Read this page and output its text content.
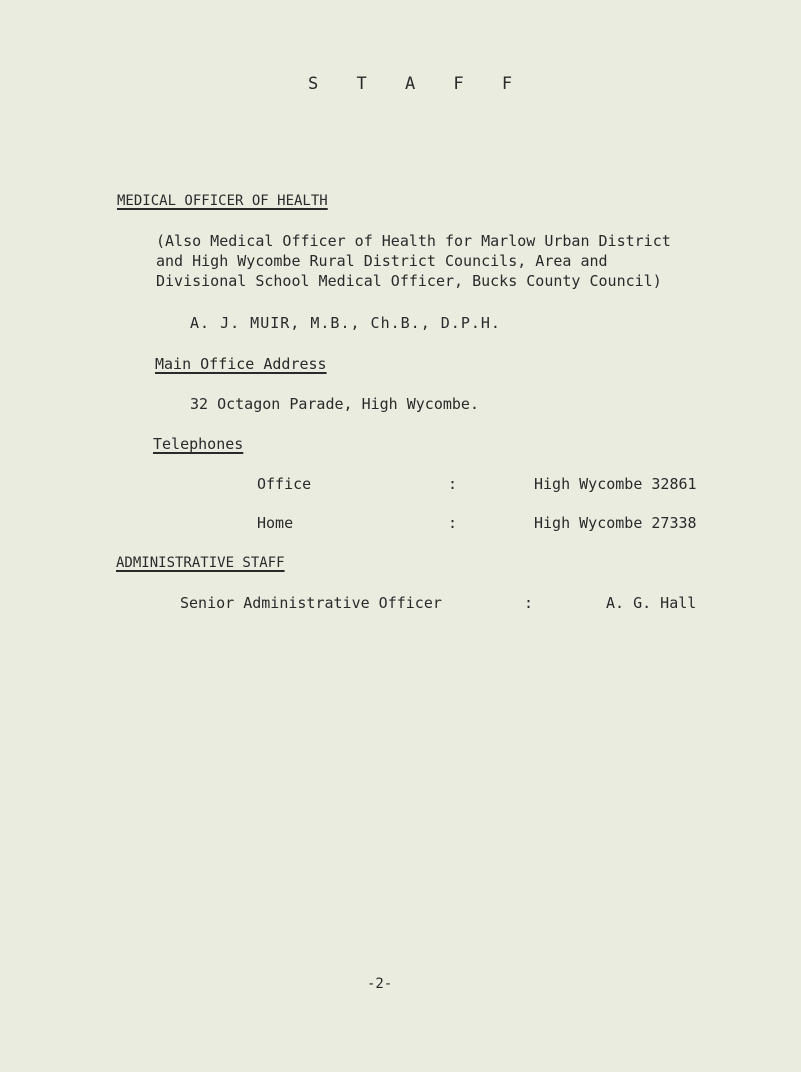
S T A F F
MEDICAL OFFICER OF HEALTH
(Also Medical Officer of Health for Marlow Urban District
and High Wycombe Rural District Councils, Area and
Divisional School Medical Officer, Bucks County Council)
A. J. MUIR, M.B., Ch.B., D.P.H.
Main Office Address
32 Octagon Parade, High Wycombe.
Telephones
Office	:	High Wycombe 32861
Home	:	High Wycombe 27338
ADMINISTRATIVE STAFF
Senior Administrative Officer	:	A. G. Hall
-2-
